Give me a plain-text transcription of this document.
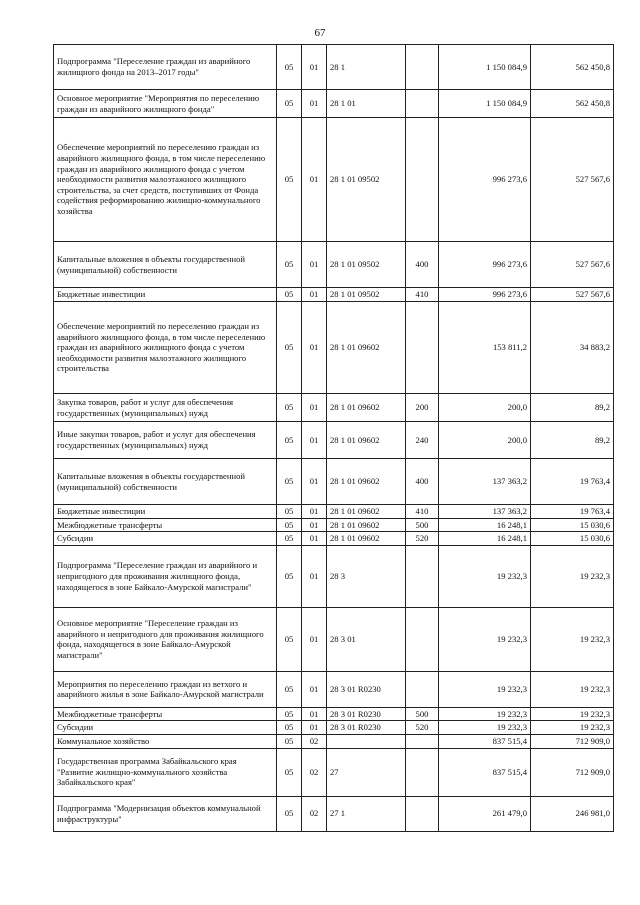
67
Подпрограмма "Переселение граждан из аварийного жилищного фонда на 2013–2017 годы"	05	01	28 1		1 150 084,9	562 450,8
Основное мероприятие "Мероприятия по переселению граждан из аварийного жилищного фонда"	05	01	28 1 01		1 150 084,9	562 450,8
Обеспечение мероприятий по переселению граждан из аварийного жилищного фонда, в том числе переселению граждан из аварийного жилищного фонда с учетом необходимости развития малоэтажного жилищного строительства, за счет средств, поступивших от Фонда содействия реформированию жилищно-коммунального хозяйства	05	01	28 1 01 09502		996 273,6	527 567,6
Капитальные вложения в объекты государственной (муниципальной) собственности	05	01	28 1 01 09502	400	996 273,6	527 567,6
Бюджетные инвестиции	05	01	28 1 01 09502	410	996 273,6	527 567,6
Обеспечение мероприятий по переселению граждан из аварийного жилищного фонда, в том числе переселению граждан из аварийного жилищного фонда с учетом необходимости развития малоэтажного жилищного строительства	05	01	28 1 01 09602		153 811,2	34 883,2
Закупка товаров, работ и услуг для обеспечения государственных (муниципальных) нужд	05	01	28 1 01 09602	200	200,0	89,2
Иные закупки товаров, работ и услуг для обеспечения государственных (муниципальных) нужд	05	01	28 1 01 09602	240	200,0	89,2
Капитальные вложения в объекты государственной (муниципальной) собственности	05	01	28 1 01 09602	400	137 363,2	19 763,4
Бюджетные инвестиции	05	01	28 1 01 09602	410	137 363,2	19 763,4
Межбюджетные трансферты	05	01	28 1 01 09602	500	16 248,1	15 030,6
Субсидии	05	01	28 1 01 09602	520	16 248,1	15 030,6
Подпрограмма "Переселение граждан из аварийного и непригодного для проживания жилищного фонда, находящегося в зоне Байкало-Амурской магистрали"	05	01	28 3		19 232,3	19 232,3
Основное мероприятие "Переселение граждан из аварийного и непригодного для проживания жилищного фонда, находящегося в зоне Байкало-Амурской магистрали"	05	01	28 3 01		19 232,3	19 232,3
Мероприятия по переселению граждан из ветхого и аварийного жилья в зоне Байкало-Амурской магистрали	05	01	28 3 01 R0230		19 232,3	19 232,3
Межбюджетные трансферты	05	01	28 3 01 R0230	500	19 232,3	19 232,3
Субсидии	05	01	28 3 01 R0230	520	19 232,3	19 232,3
Коммунальное хозяйство	05	02			837 515,4	712 909,0
Государственная программа Забайкальского края "Развитие жилищно-коммунального хозяйства Забайкальского края"	05	02	27		837 515,4	712 909,0
Подпрограмма "Модернизация объектов коммунальной инфраструктуры"	05	02	27 1		261 479,0	246 981,0
